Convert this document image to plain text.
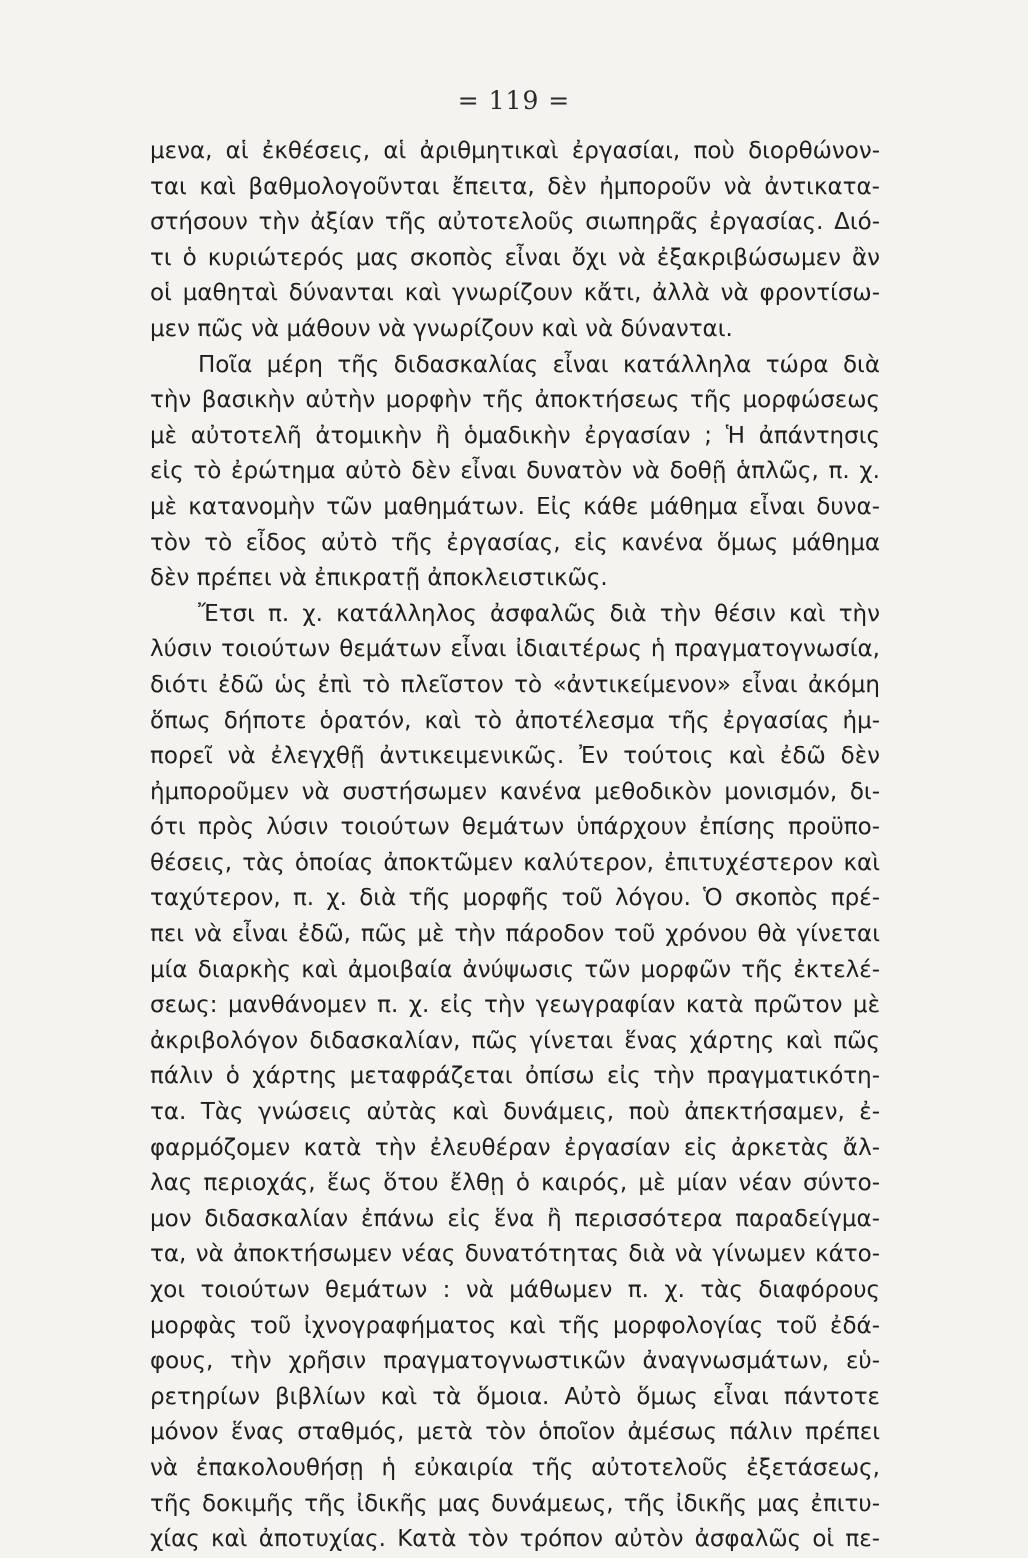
= 119 =
μενα, αἱ ἐκθέσεις, αἱ ἀριθμητικαὶ ἐργασίαι, ποὺ διορθώνον-
ται καὶ βαθμολογοῦνται ἔπειτα, δὲν ἠμποροῦν νὰ ἀντικατα-
στήσουν τὴν ἀξίαν τῆς αὐτοτελοῦς σιωπηρᾶς ἐργασίας. Διό-
τι ὁ κυριώτερός μας σκοπὸς εἶναι ὄχι νὰ ἐξακριβώσωμεν ἂν
οἱ μαθηταὶ δύνανται καὶ γνωρίζουν κἄτι, ἀλλὰ νὰ φροντίσω-
μεν πῶς νὰ μάθουν νὰ γνωρίζουν καὶ νὰ δύνανται.
Ποῖα μέρη τῆς διδασκαλίας εἶναι κατάλληλα τώρα διὰ
τὴν βασικὴν αὐτὴν μορφὴν τῆς ἀποκτήσεως τῆς μορφώσεως
μὲ αὐτοτελῆ ἀτομικὴν ἢ ὁμαδικὴν ἐργασίαν ; Ἡ ἀπάντησις
εἰς τὸ ἐρώτημα αὐτὸ δὲν εἶναι δυνατὸν νὰ δοθῇ ἁπλῶς, π. χ.
μὲ κατανομὴν τῶν μαθημάτων. Εἰς κάθε μάθημα εἶναι δυνα-
τὸν τὸ εἶδος αὐτὸ τῆς ἐργασίας, εἰς κανένα ὅμως μάθημα
δὲν πρέπει νὰ ἐπικρατῇ ἀποκλειστικῶς.
Ἔτσι π. χ. κατάλληλος ἀσφαλῶς διὰ τὴν θέσιν καὶ τὴν
λύσιν τοιούτων θεμάτων εἶναι ἰδιαιτέρως ἡ πραγματογνωσία,
διότι ἐδῶ ὡς ἐπὶ τὸ πλεῖστον τὸ «ἀντικείμενον» εἶναι ἀκόμη
ὅπως δήποτε ὁρατόν, καὶ τὸ ἀποτέλεσμα τῆς ἐργασίας ἠμ-
πορεῖ νὰ ἐλεγχθῇ ἀντικειμενικῶς. Ἐν τούτοις καὶ ἐδῶ δὲν
ἠμποροῦμεν νὰ συστήσωμεν κανένα μεθοδικὸν μονισμόν, δι-
ότι πρὸς λύσιν τοιούτων θεμάτων ὑπάρχουν ἐπίσης προϋπο-
θέσεις, τὰς ὁποίας ἀποκτῶμεν καλύτερον, ἐπιτυχέστερον καὶ
ταχύτερον, π. χ. διὰ τῆς μορφῆς τοῦ λόγου. Ὁ σκοπὸς πρέ-
πει νὰ εἶναι ἐδῶ, πῶς μὲ τὴν πάροδον τοῦ χρόνου θὰ γίνεται
μία διαρκὴς καὶ ἀμοιβαία ἀνύψωσις τῶν μορφῶν τῆς ἐκτελέ-
σεως: μανθάνομεν π. χ. εἰς τὴν γεωγραφίαν κατὰ πρῶτον μὲ
ἀκριβολόγον διδασκαλίαν, πῶς γίνεται ἕνας χάρτης καὶ πῶς
πάλιν ὁ χάρτης μεταφράζεται ὀπίσω εἰς τὴν πραγματικότη-
τα. Τὰς γνώσεις αὐτὰς καὶ δυνάμεις, ποὺ ἀπεκτήσαμεν, ἐ-
φαρμόζομεν κατὰ τὴν ἐλευθέραν ἐργασίαν εἰς ἀρκετὰς ἄλ-
λας περιοχάς, ἕως ὅτου ἔλθῃ ὁ καιρός, μὲ μίαν νέαν σύντο-
μον διδασκαλίαν ἐπάνω εἰς ἕνα ἢ περισσότερα παραδείγμα-
τα, νὰ ἀποκτήσωμεν νέας δυνατότητας διὰ νὰ γίνωμεν κάτο-
χοι τοιούτων θεμάτων : νὰ μάθωμεν π. χ. τὰς διαφόρους
μορφὰς τοῦ ἰχνογραφήματος καὶ τῆς μορφολογίας τοῦ ἐδά-
φους, τὴν χρῆσιν πραγματογνωστικῶν ἀναγνωσμάτων, εὑ-
ρετηρίων βιβλίων καὶ τὰ ὅμοια. Αὐτὸ ὅμως εἶναι πάντοτε
μόνον ἕνας σταθμός, μετὰ τὸν ὁποῖον ἀμέσως πάλιν πρέπει
νὰ ἐπακολουθήσῃ ἡ εὐκαιρία τῆς αὐτοτελοῦς ἐξετάσεως,
τῆς δοκιμῆς τῆς ἰδικῆς μας δυνάμεως, τῆς ἰδικῆς μας ἐπιτυ-
χίας καὶ ἀποτυχίας. Κατὰ τὸν τρόπον αὐτὸν ἀσφαλῶς οἱ πε-
